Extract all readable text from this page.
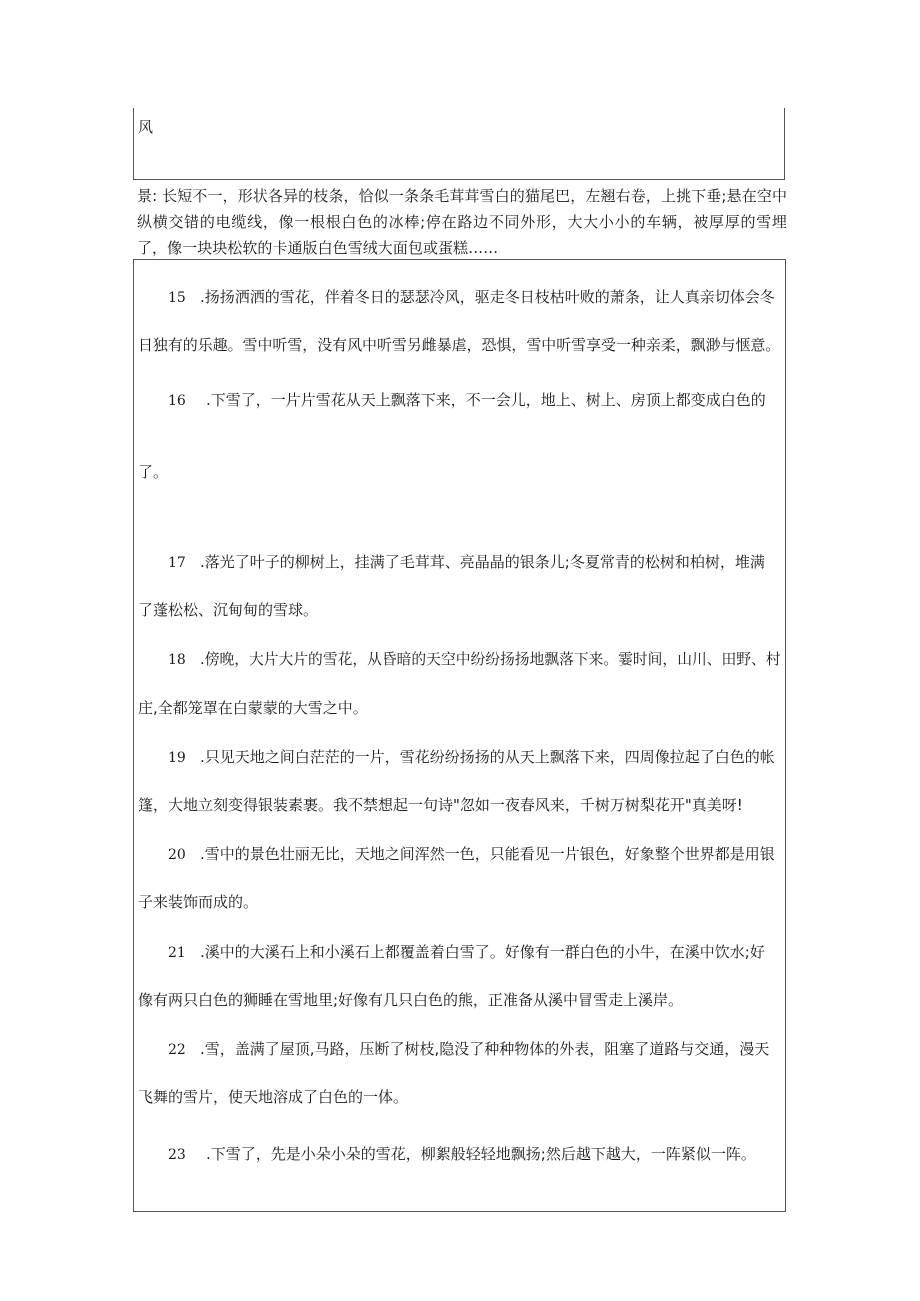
风
景: 长短不一，形状各异的枝条，恰似一条条毛茸茸雪白的猫尾巴，左翘右卷，上挑下垂;悬在空中纵横交错的电缆线，像一根根白色的冰棒;停在路边不同外形，大大小小的车辆，被厚厚的雪埋了，像一块块松软的卡通版白色雪绒大面包或蛋糕……
15 .扬扬洒洒的雪花，伴着冬日的瑟瑟冷风，驱走冬日枝枯叶败的萧条，让人真亲切体会冬
日独有的乐趣。雪中听雪，没有风中听雪另雌暴虐，恐惧，雪中听雪享受一种亲柔，飘渺与惬意。
16 .下雪了，一片片雪花从天上飘落下来，不一会儿，地上、树上、房顶上都变成白色的
了。
17 .落光了叶子的柳树上，挂满了毛茸茸、亮晶晶的银条儿;冬夏常青的松树和柏树，堆满
了蓬松松、沉甸甸的雪球。
18 .傍晚，大片大片的雪花，从昏暗的天空中纷纷扬扬地飘落下来。霎时间，山川、田野、村
庄,全都笼罩在白蒙蒙的大雪之中。
19 .只见天地之间白茫茫的一片，雪花纷纷扬扬的从天上飘落下来，四周像拉起了白色的帐
篷，大地立刻变得银装素裹。我不禁想起一句诗"忽如一夜春风来，千树万树梨花开"真美呀!
20 .雪中的景色壮丽无比，天地之间浑然一色，只能看见一片银色，好象整个世界都是用银
子来装饰而成的。
21 .溪中的大溪石上和小溪石上都覆盖着白雪了。好像有一群白色的小牛，在溪中饮水;好
像有两只白色的狮睡在雪地里;好像有几只白色的熊，正准备从溪中冒雪走上溪岸。
22 .雪，盖满了屋顶,马路，压断了树枝,隐没了种种物体的外表，阻塞了道路与交通，漫天
飞舞的雪片，使天地溶成了白色的一体。
23 .下雪了，先是小朵小朵的雪花，柳絮般轻轻地飘扬;然后越下越大，一阵紧似一阵。
